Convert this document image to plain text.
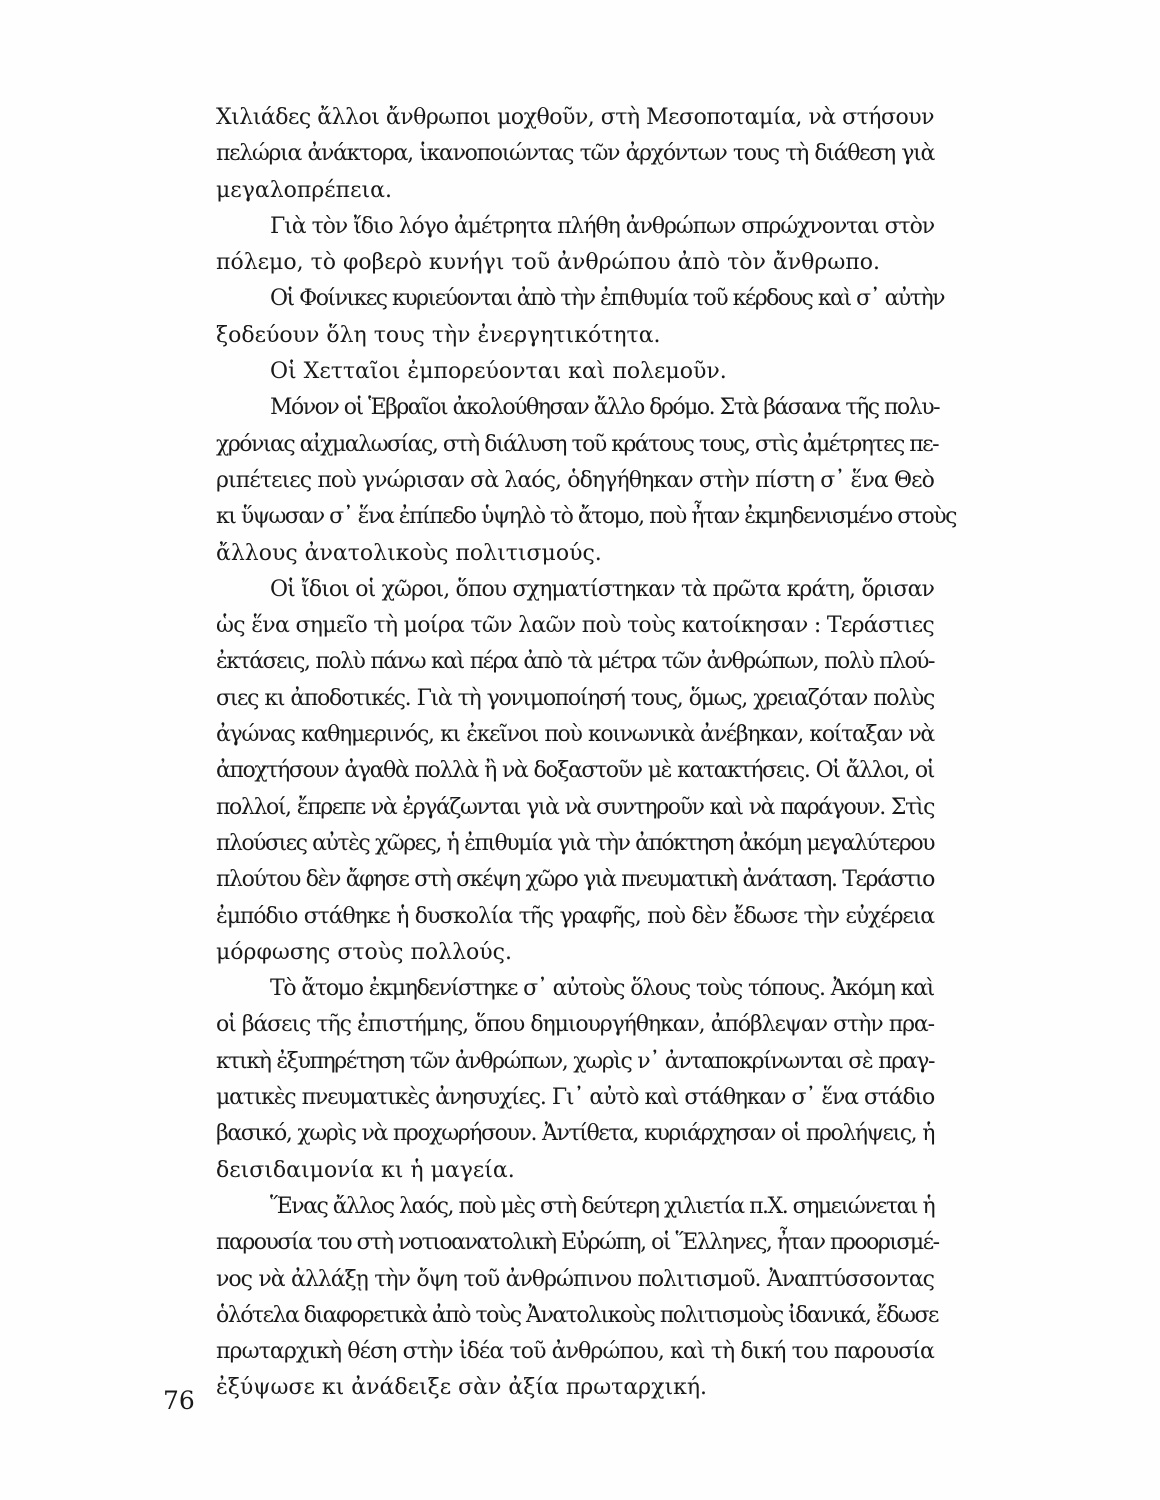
Χιλιάδες ἄλλοι ἄνθρωποι μοχθοῦν, στὴ Μεσοποταμία, νὰ στήσουν
πελώρια ἀνάκτορα, ἱκανοποιώντας τῶν ἀρχόντων τους τὴ διάθεση γιὰ
μεγαλοπρέπεια.

Γιὰ τὸν ἴδιο λόγο ἀμέτρητα πλήθη ἀνθρώπων σπρώχνονται στὸν
πόλεμο, τὸ φοβερὸ κυνήγι τοῦ ἀνθρώπου ἀπὸ τὸν ἄνθρωπο.

Οἱ Φοίνικες κυριεύονται ἀπὸ τὴν ἐπιθυμία τοῦ κέρδους καὶ σ᾽ αὐτὴν
ξοδεύουν ὅλη τους τὴν ἐνεργητικότητα.

Οἱ Χετταῖοι ἐμπορεύονται καὶ πολεμοῦν.

Μόνον οἱ Ἑβραῖοι ἀκολούθησαν ἄλλο δρόμο. Στὰ βάσανα τῆς πολυ-
χρόνιας αἰχμαλωσίας, στὴ διάλυση τοῦ κράτους τους, στὶς ἀμέτρητες πε-
ριπέτειες ποὺ γνώρισαν σὰ λαός, ὁδηγήθηκαν στὴν πίστη σ᾽ ἕνα Θεὸ
κι ὕψωσαν σ᾽ ἕνα ἐπίπεδο ὑψηλὸ τὸ ἄτομο, ποὺ ἦταν ἐκμηδενισμένο στοὺς
ἄλλους ἀνατολικοὺς πολιτισμούς.

Οἱ ἴδιοι οἱ χῶροι, ὅπου σχηματίστηκαν τὰ πρῶτα κράτη, ὅρισαν
ὡς ἕνα σημεῖο τὴ μοίρα τῶν λαῶν ποὺ τοὺς κατοίκησαν : Τεράστιες
ἐκτάσεις, πολὺ πάνω καὶ πέρα ἀπὸ τὰ μέτρα τῶν ἀνθρώπων, πολὺ πλού-
σιες κι ἀποδοτικές. Γιὰ τὴ γονιμοποίησή τους, ὅμως, χρειαζόταν πολὺς
ἀγώνας καθημερινός, κι ἐκεῖνοι ποὺ κοινωνικὰ ἀνέβηκαν, κοίταξαν νὰ
ἀποχτήσουν ἀγαθὰ πολλὰ ἢ νὰ δοξαστοῦν μὲ κατακτήσεις. Οἱ ἄλλοι, οἱ
πολλοί, ἔπρεπε νὰ ἐργάζωνται γιὰ νὰ συντηροῦν καὶ νὰ παράγουν. Στὶς
πλούσιες αὐτὲς χῶρες, ἡ ἐπιθυμία γιὰ τὴν ἀπόκτηση ἀκόμη μεγαλύτερου
πλούτου δὲν ἄφησε στὴ σκέψη χῶρο γιὰ πνευματικὴ ἀνάταση. Τεράστιο
ἐμπόδιο στάθηκε ἡ δυσκολία τῆς γραφῆς, ποὺ δὲν ἔδωσε τὴν εὐχέρεια
μόρφωσης στοὺς πολλούς.

Τὸ ἄτομο ἐκμηδενίστηκε σ᾽ αὐτοὺς ὅλους τοὺς τόπους. Ἀκόμη καὶ
οἱ βάσεις τῆς ἐπιστήμης, ὅπου δημιουργήθηκαν, ἀπόβλεψαν στὴν πρα-
κτικὴ ἐξυπηρέτηση τῶν ἀνθρώπων, χωρὶς ν᾽ ἀνταποκρίνωνται σὲ πραγ-
ματικὲς πνευματικὲς ἀνησυχίες. Γι᾽ αὐτὸ καὶ στάθηκαν σ᾽ ἕνα στάδιο
βασικό, χωρὶς νὰ προχωρήσουν. Ἀντίθετα, κυριάρχησαν οἱ προλήψεις, ἡ
δεισιδαιμονία κι ἡ μαγεία.

Ἕνας ἄλλος λαός, ποὺ μὲς στὴ δεύτερη χιλιετία π.Χ. σημειώνεται ἡ
παρουσία του στὴ νοτιοανατολικὴ Εὐρώπη, οἱ Ἕλληνες, ἦταν προορισμέ-
νος νὰ ἀλλάξῃ τὴν ὄψη τοῦ ἀνθρώπινου πολιτισμοῦ. Ἀναπτύσσοντας
ὁλότελα διαφορετικὰ ἀπὸ τοὺς Ἀνατολικοὺς πολιτισμοὺς ἰδανικά, ἔδωσε
πρωταρχικὴ θέση στὴν ἰδέα τοῦ ἀνθρώπου, καὶ τὴ δική του παρουσία
ἐξύψωσε κι ἀνάδειξε σὰν ἀξία πρωταρχική.

76
